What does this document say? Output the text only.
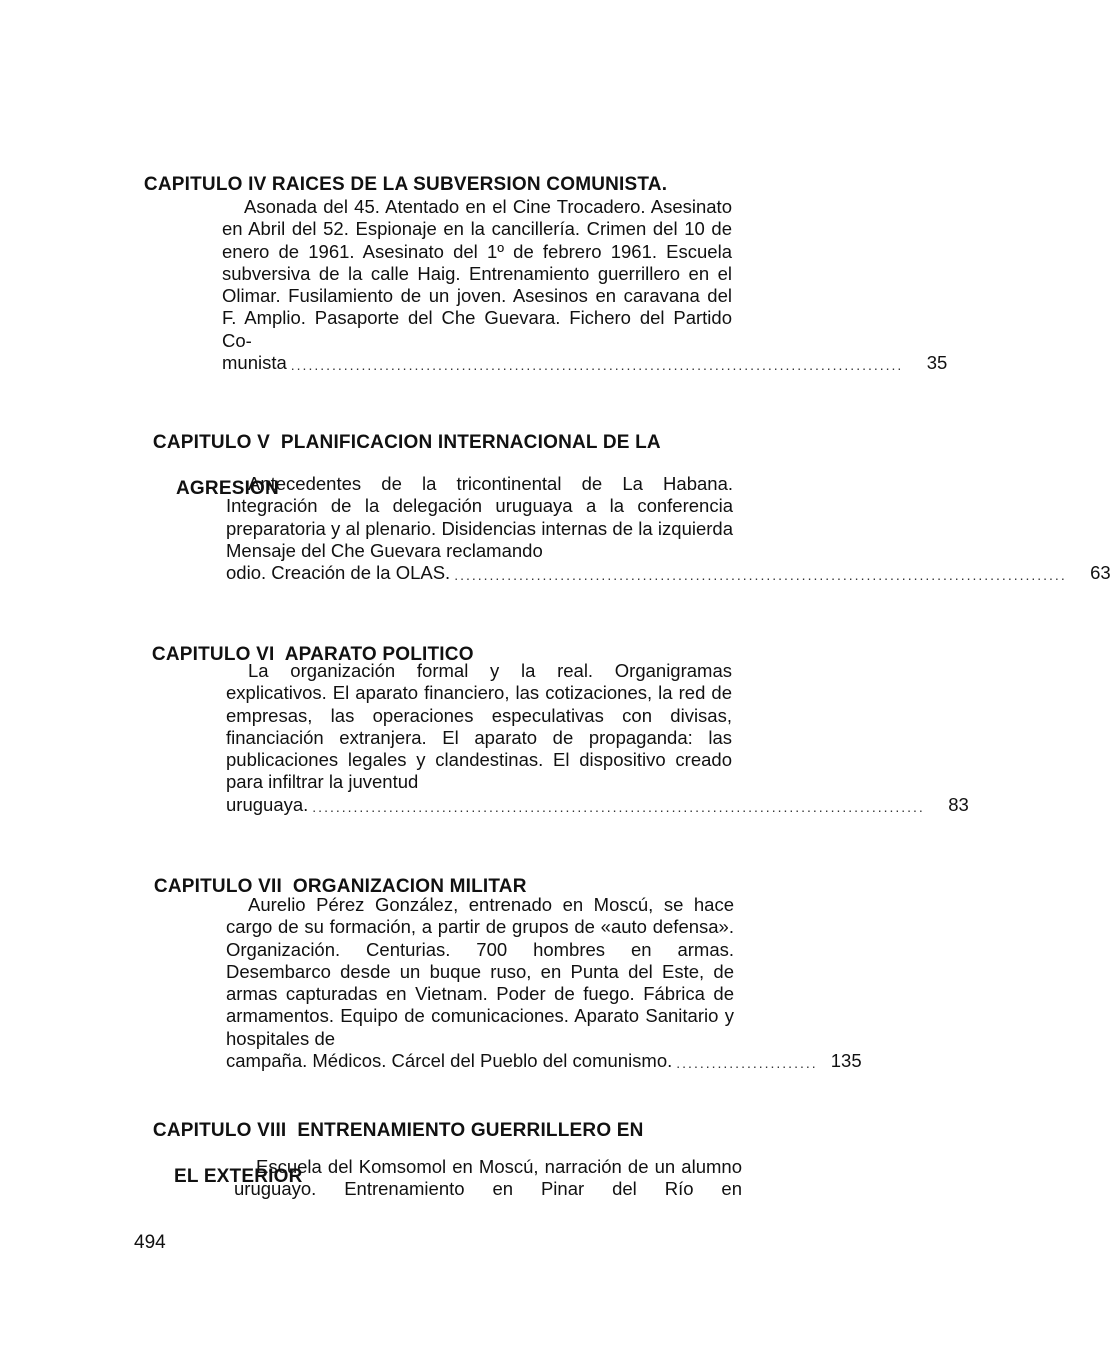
CAPITULO IV RAICES DE LA SUBVERSION COMUNISTA.

Asonada del 45. Atentado en el Cine Trocadero. Asesinato en Abril del 52. Espionaje en la cancillería. Crimen del 10 de enero de 1961. Asesinato del 1º de febrero 1961. Escuela subversiva de la calle Haig. Entrenamiento guerrillero en el Olimar. Fusilamiento de un joven. Asesinos en caravana del F. Amplio. Pasaporte del Che Guevara. Fichero del Partido Co-

munista ........................................................................................................	35

CAPITULO V  PLANIFICACION INTERNACIONAL DE LA

AGRESION

Antecedentes de la tricontinental de La Habana. Integración de la delegación uruguaya a la conferencia preparatoria y al plenario. Disidencias internas de la izquierda Mensaje del Che Guevara reclamando

odio. Creación de la OLAS. ........................................................................................................	63

CAPITULO VI  APARATO POLITICO

La organización formal y la real. Organigramas explicativos. El aparato financiero, las cotizaciones, la red de empresas, las operaciones especulativas con divisas, financiación extranjera. El aparato de propaganda: las publicaciones legales y clandestinas. El dispositivo creado para infiltrar la juventud

uruguaya. ........................................................................................................	83

CAPITULO VII  ORGANIZACION MILITAR

Aurelio Pérez González, entrenado en Moscú, se hace cargo de su formación, a partir de grupos de «auto defensa». Organización. Centurias. 700 hombres en armas. Desembarco desde un buque ruso, en Punta del Este, de armas capturadas en Vietnam. Poder de fuego. Fábrica de armamentos. Equipo de comunicaciones. Aparato Sanitario y hospitales de

campaña. Médicos. Cárcel del Pueblo del comunismo. ........................ 135

CAPITULO VIII  ENTRENAMIENTO GUERRILLERO EN

EL EXTERIOR

Escuela del Komsomol en Moscú, narración de un alumno uruguayo. Entrenamiento en Pinar del Río en

494
